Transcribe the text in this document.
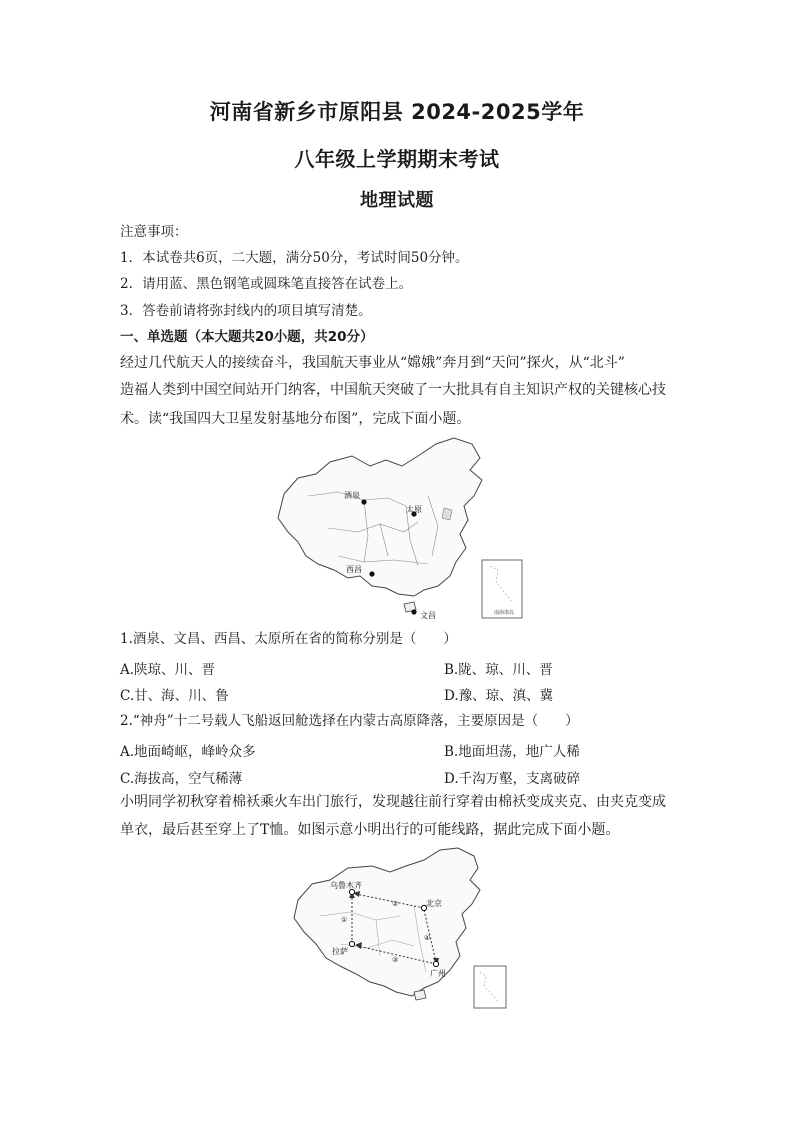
河南省新乡市原阳县 2024-2025学年
八年级上学期期末考试
地理试题
注意事项：
1．本试卷共6页，二大题，满分50分，考试时间50分钟。
2．请用蓝、黑色钢笔或圆珠笔直接答在试卷上。
3．答卷前请将弥封线内的项目填写清楚。
一、单选题（本大题共20小题，共20分）
经过几代航天人的接续奋斗，我国航天事业从“嫦娥”奔月到“天问”探火，从“北斗”
造福人类到中国空间站开门纳客，中国航天突破了一大批具有自主知识产权的关键核心技
术。读“我国四大卫星发射基地分布图”，完成下面小题。
酒泉
太原
西昌
文昌	南海诸岛
1.酒泉、文昌、西昌、太原所在省的简称分别是（　　）
A.陕琼、川、晋	B.陇、琼、川、晋
C.甘、海、川、鲁	D.豫、琼、滇、冀
2.“神舟”十二号载人飞船返回舱选择在内蒙古高原降落，主要原因是（　　）
A.地面崎岖，峰岭众多	B.地面坦荡，地广人稀
C.海拔高，空气稀薄	D.千沟万壑，支离破碎
小明同学初秋穿着棉袄乘火车出门旅行，发现越往前行穿着由棉袄变成夹克、由夹克变成
单衣，最后甚至穿上了T恤。如图示意小明出行的可能线路，据此完成下面小题。
乌鲁木齐
北京
拉萨
广州
①
②
③
④
